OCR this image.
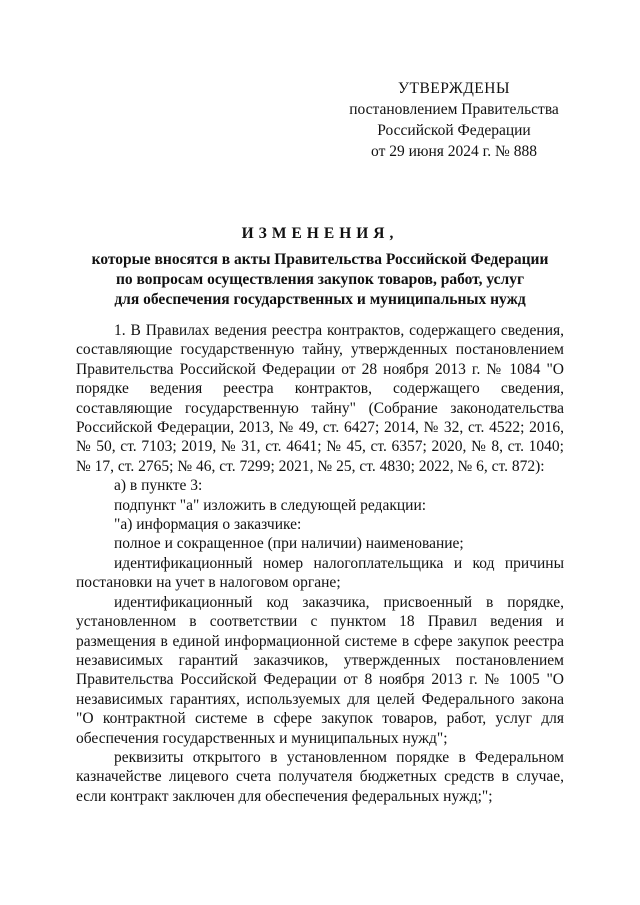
УТВЕРЖДЕНЫ
постановлением Правительства
Российской Федерации
от 29 июня 2024 г. № 888
ИЗМЕНЕНИЯ,
которые вносятся в акты Правительства Российской Федерации
по вопросам осуществления закупок товаров, работ, услуг
для обеспечения государственных и муниципальных нужд

1. В Правилах ведения реестра контрактов, содержащего сведения, составляющие государственную тайну, утвержденных постановлением Правительства Российской Федерации от 28 ноября 2013 г. № 1084 "О порядке ведения реестра контрактов, содержащего сведения, составляющие государственную тайну" (Собрание законодательства Российской Федерации, 2013, № 49, ст. 6427; 2014, № 32, ст. 4522; 2016, № 50, ст. 7103; 2019, № 31, ст. 4641; № 45, ст. 6357; 2020, № 8, ст. 1040; № 17, ст. 2765; № 46, ст. 7299; 2021, № 25, ст. 4830; 2022, № 6, ст. 872):

а) в пункте 3:

подпункт "а" изложить в следующей редакции:

"а) информация о заказчике:

полное и сокращенное (при наличии) наименование;

идентификационный номер налогоплательщика и код причины постановки на учет в налоговом органе;

идентификационный код заказчика, присвоенный в порядке, установленном в соответствии с пунктом 18 Правил ведения и размещения в единой информационной системе в сфере закупок реестра независимых гарантий заказчиков, утвержденных постановлением Правительства Российской Федерации от 8 ноября 2013 г. № 1005 "О независимых гарантиях, используемых для целей Федерального закона "О контрактной системе в сфере закупок товаров, работ, услуг для обеспечения государственных и муниципальных нужд";

реквизиты открытого в установленном порядке в Федеральном казначействе лицевого счета получателя бюджетных средств в случае, если контракт заключен для обеспечения федеральных нужд;";
